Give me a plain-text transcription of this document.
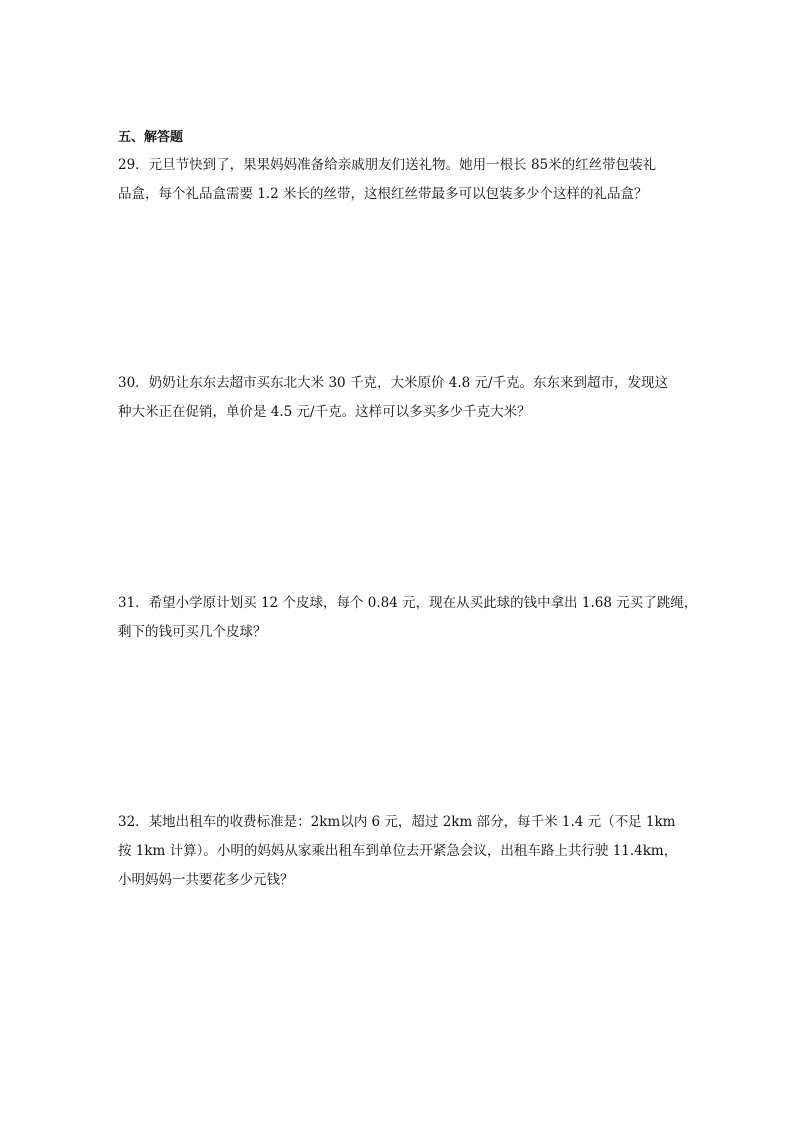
五、解答题
29．元旦节快到了，果果妈妈准备给亲戚朋友们送礼物。她用一根长 85米的红丝带包装礼
品盒，每个礼品盒需要 1.2 米长的丝带，这根红丝带最多可以包装多少个这样的礼品盒？
30．奶奶让东东去超市买东北大米 30 千克，大米原价 4.8 元/千克。东东来到超市，发现这
种大米正在促销，单价是 4.5 元/千克。这样可以多买多少千克大米？
31．希望小学原计划买 12 个皮球，每个 0.84 元，现在从买此球的钱中拿出 1.68 元买了跳绳，
剩下的钱可买几个皮球？
32．某地出租车的收费标准是：2km以内 6 元，超过 2km 部分，每千米 1.4 元（不足 1km
按 1km 计算）。小明的妈妈从家乘出租车到单位去开紧急会议，出租车路上共行驶 11.4km，
小明妈妈一共要花多少元钱？
